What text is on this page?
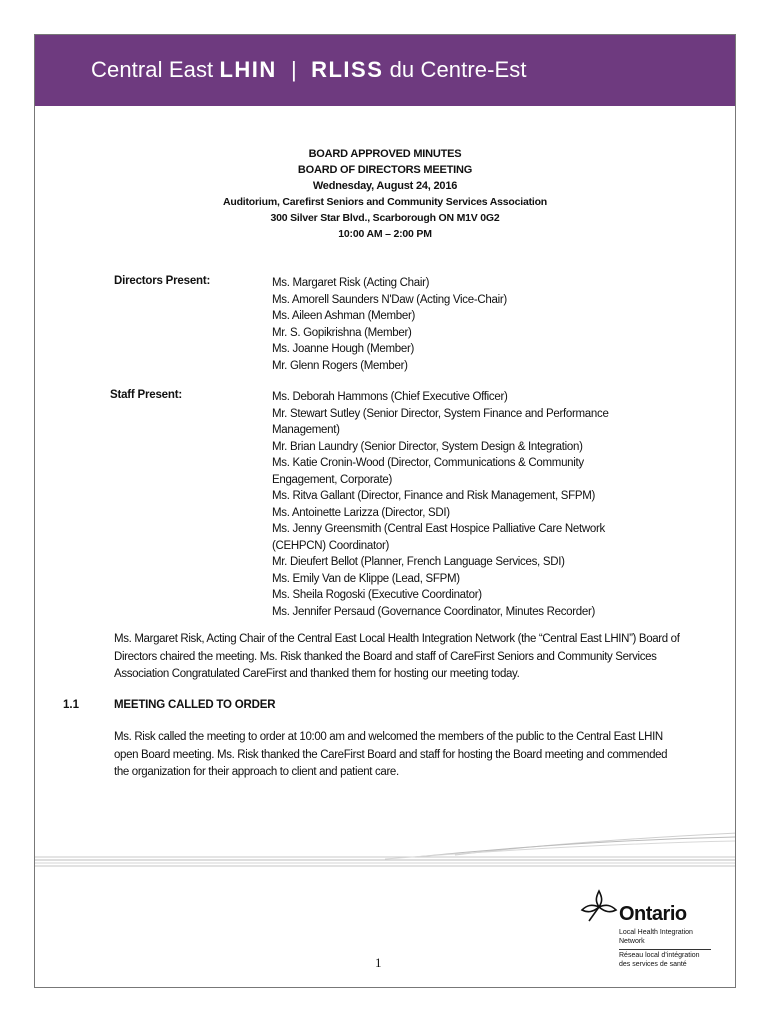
Central East LHIN | RLISS du Centre-Est
BOARD APPROVED MINUTES
BOARD OF DIRECTORS MEETING
Wednesday, August 24, 2016
Auditorium, Carefirst Seniors and Community Services Association
300 Silver Star Blvd., Scarborough ON M1V 0G2
10:00 AM – 2:00 PM
Directors Present:	Ms. Margaret Risk (Acting Chair)
Ms. Amorell Saunders N'Daw (Acting Vice-Chair)
Ms. Aileen Ashman (Member)
Mr. S. Gopikrishna (Member)
Ms. Joanne Hough (Member)
Mr. Glenn Rogers (Member)
Staff Present:	Ms. Deborah Hammons (Chief Executive Officer)
Mr. Stewart Sutley (Senior Director, System Finance and Performance Management)
Mr. Brian Laundry (Senior Director, System Design & Integration)
Ms. Katie Cronin-Wood (Director, Communications & Community Engagement, Corporate)
Ms. Ritva Gallant (Director, Finance and Risk Management, SFPM)
Ms. Antoinette Larizza (Director, SDI)
Ms. Jenny Greensmith (Central East Hospice Palliative Care Network (CEHPCN) Coordinator)
Mr. Dieufert Bellot (Planner, French Language Services, SDI)
Ms. Emily Van de Klippe (Lead, SFPM)
Ms. Sheila Rogoski (Executive Coordinator)
Ms. Jennifer Persaud (Governance Coordinator, Minutes Recorder)
Ms. Margaret Risk, Acting Chair of the Central East Local Health Integration Network (the “Central East LHIN”) Board of Directors chaired the meeting. Ms. Risk thanked the Board and staff of CareFirst Seniors and Community Services Association Congratulated CareFirst and thanked them for hosting our meeting today.
1.1	MEETING CALLED TO ORDER
Ms. Risk called the meeting to order at 10:00 am and welcomed the members of the public to the Central East LHIN open Board meeting. Ms. Risk thanked the CareFirst Board and staff for hosting the Board meeting and commended the organization for their approach to client and patient care.
1
Ontario
Local Health Integration
Network
Réseau local d’intégration
des services de santé
